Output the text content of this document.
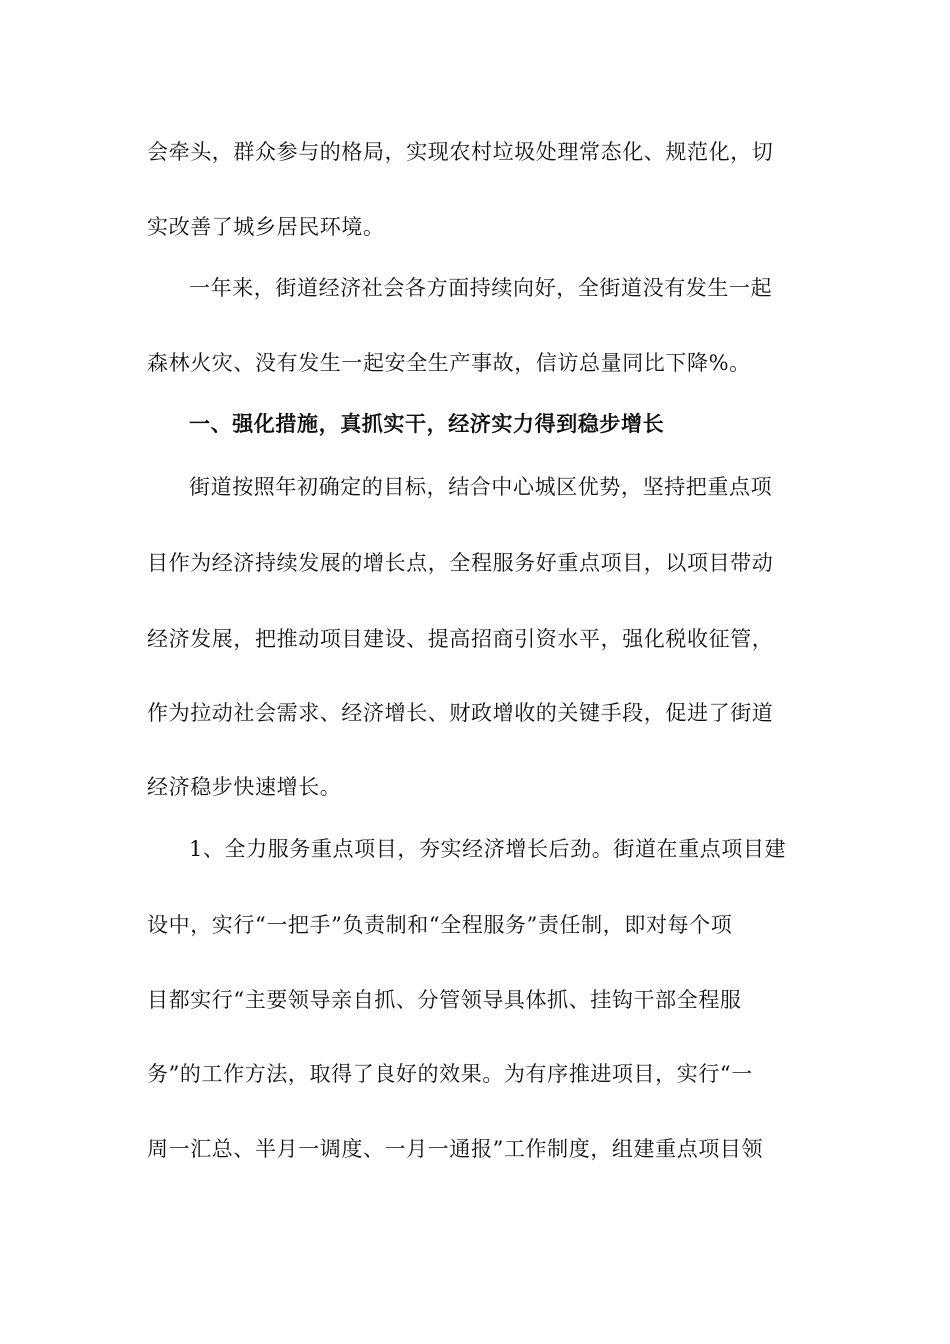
会牵头，群众参与的格局，实现农村垃圾处理常态化、规范化，切
实改善了城乡居民环境。
一年来，街道经济社会各方面持续向好，全街道没有发生一起
森林火灾、没有发生一起安全生产事故，信访总量同比下降%。
一、强化措施，真抓实干，经济实力得到稳步增长
街道按照年初确定的目标，结合中心城区优势，坚持把重点项
目作为经济持续发展的增长点，全程服务好重点项目，以项目带动
经济发展，把推动项目建设、提高招商引资水平，强化税收征管，
作为拉动社会需求、经济增长、财政增收的关键手段，促进了街道
经济稳步快速增长。
1、全力服务重点项目，夯实经济增长后劲。街道在重点项目建
设中，实行“一把手”负责制和“全程服务”责任制，即对每个项
目都实行“主要领导亲自抓、分管领导具体抓、挂钩干部全程服
务”的工作方法，取得了良好的效果。为有序推进项目，实行“一
周一汇总、半月一调度、一月一通报”工作制度，组建重点项目领
